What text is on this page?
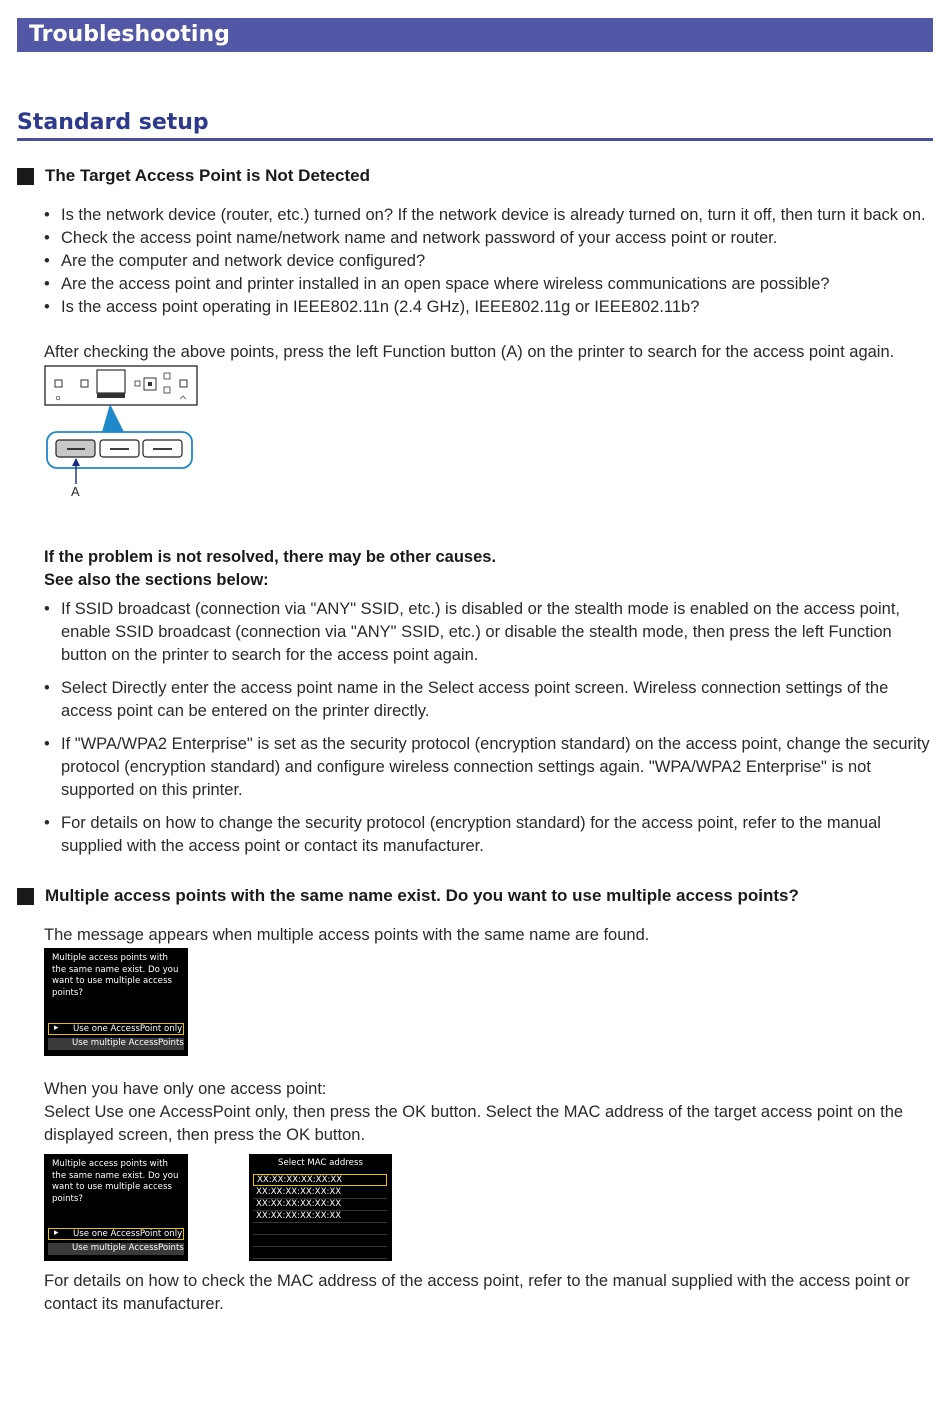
Troubleshooting
Standard setup
The Target Access Point is Not Detected
• Is the network device (router, etc.) turned on? If the network device is already turned on, turn it off, then turn it back on.
• Check the access point name/network name and network password of your access point or router.
• Are the computer and network device configured?
• Are the access point and printer installed in an open space where wireless communications are possible?
• Is the access point operating in IEEE802.11n (2.4 GHz), IEEE802.11g or IEEE802.11b?
After checking the above points, press the left Function button (A) on the printer to search for the access point again.
A
If the problem is not resolved, there may be other causes.
See also the sections below:
• If SSID broadcast (connection via "ANY" SSID, etc.) is disabled or the stealth mode is enabled on the access point, enable SSID broadcast (connection via "ANY" SSID, etc.) or disable the stealth mode, then press the left Function button on the printer to search for the access point again.
• Select Directly enter the access point name in the Select access point screen. Wireless connection settings of the access point can be entered on the printer directly.
• If "WPA/WPA2 Enterprise" is set as the security protocol (encryption standard) on the access point, change the security protocol (encryption standard) and configure wireless connection settings again. "WPA/WPA2 Enterprise" is not supported on this printer.
• For details on how to change the security protocol (encryption standard) for the access point, refer to the manual supplied with the access point or contact its manufacturer.
Multiple access points with the same name exist. Do you want to use multiple access points?
The message appears when multiple access points with the same name are found.
Multiple access points with the same name exist. Do you want to use multiple access points?
▸ Use one AccessPoint only
Use multiple AccessPoints
When you have only one access point:
Select Use one AccessPoint only, then press the OK button. Select the MAC address of the target access point on the displayed screen, then press the OK button.
Multiple access points with the same name exist. Do you want to use multiple access points?
▸ Use one AccessPoint only
Use multiple AccessPoints
Select MAC address
XX:XX:XX:XX:XX:XX
XX:XX:XX:XX:XX:XX
XX:XX:XX:XX:XX:XX
XX:XX:XX:XX:XX:XX
For details on how to check the MAC address of the access point, refer to the manual supplied with the access point or contact its manufacturer.
